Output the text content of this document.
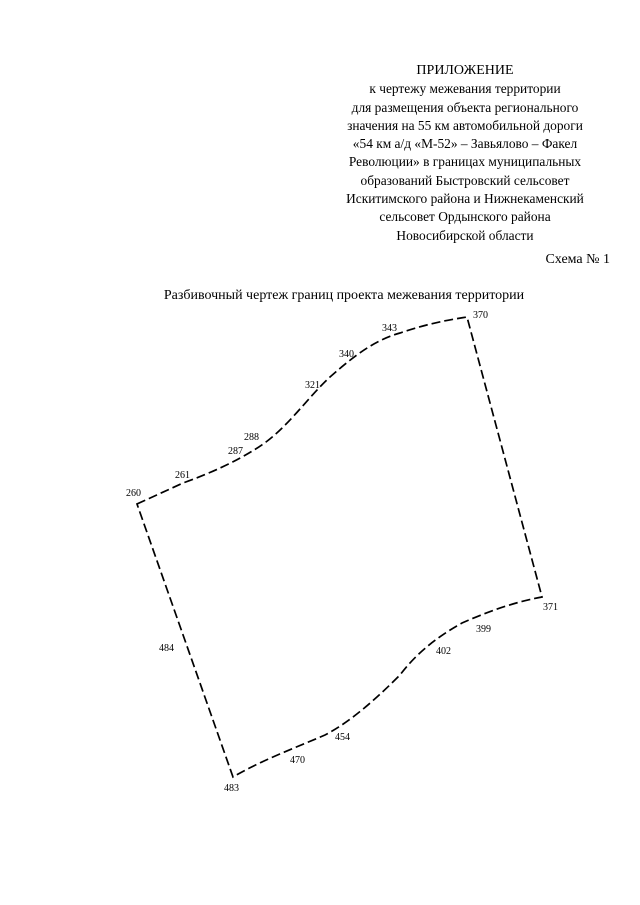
ПРИЛОЖЕНИЕ
к чертежу межевания территории
для размещения объекта регионального
значения на 55 км автомобильной дороги
«54 км а/д «М-52» – Завьялово – Факел
Революции» в границах муниципальных
образований Быстровский сельсовет
Искитимского района и Нижнекаменский
сельсовет Ордынского района
Новосибирской области
Схема № 1
Разбивочный чертеж границ проекта межевания территории
260
261
287
288
321
340
343
370
371
399
402
454
470
483
484
